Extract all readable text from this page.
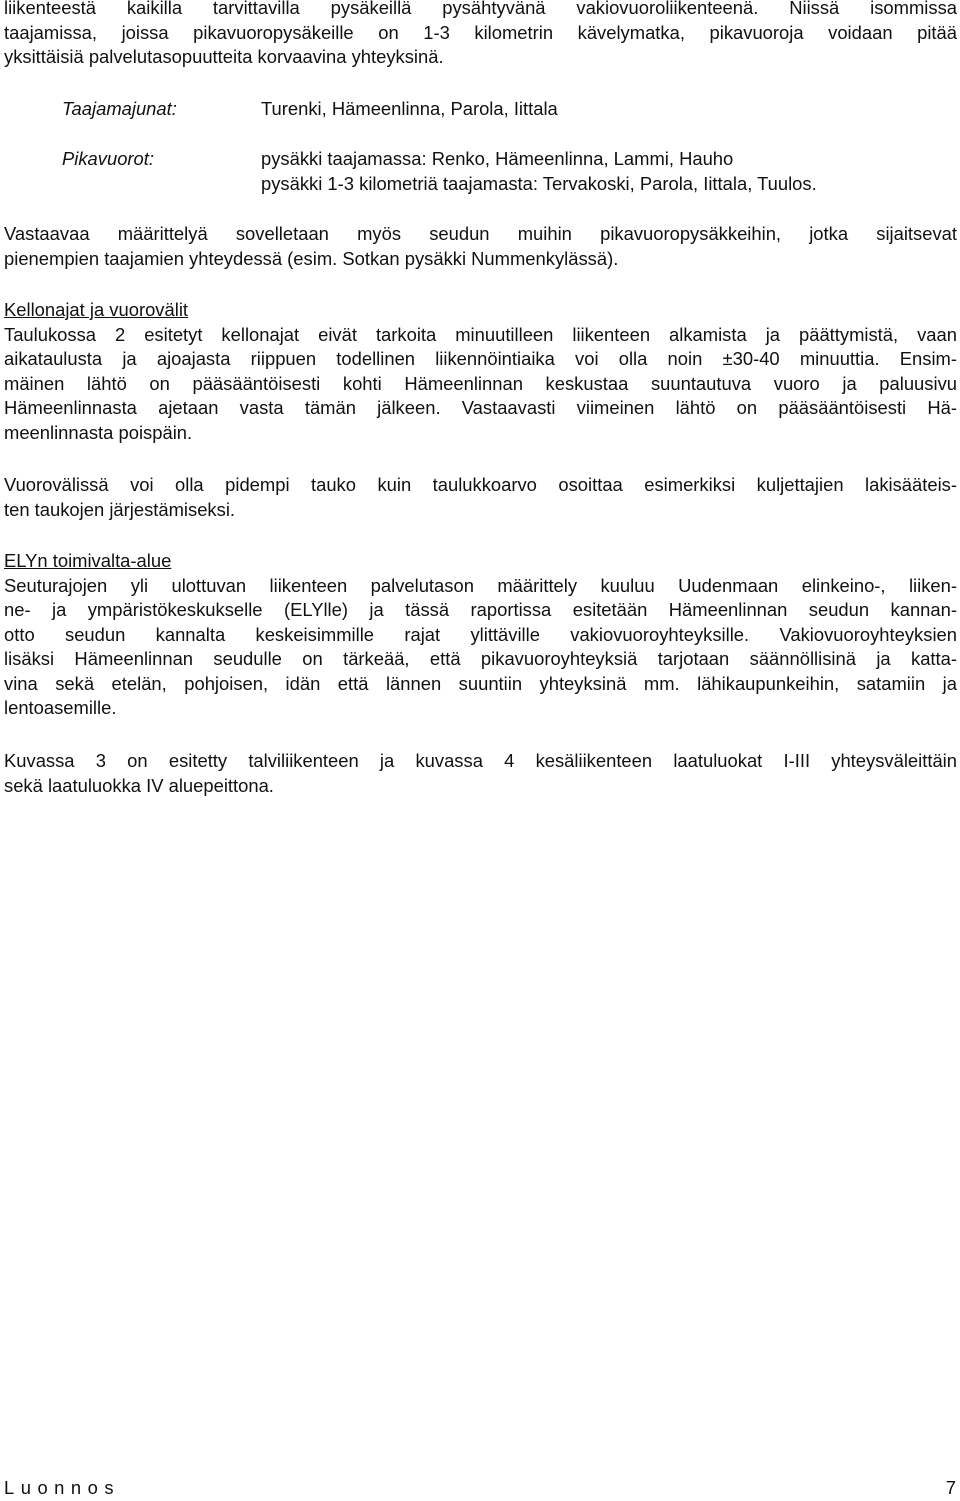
liikenteestä kaikilla tarvittavilla pysäkeillä pysähtyvänä vakiovuoroliikenteenä. Niissä isommissa
taajamissa, joissa pikavuoropysäkeille on 1-3 kilometrin kävelymatka, pikavuoroja voidaan pitää
yksittäisiä palvelutasopuutteita korvaavina yhteyksinä.
Taajamajunat:	Turenki, Hämeenlinna, Parola, Iittala
Pikavuorot:	pysäkki taajamassa: Renko, Hämeenlinna, Lammi, Hauho
pysäkki 1-3 kilometriä taajamasta: Tervakoski, Parola, Iittala, Tuulos.
Vastaavaa määrittelyä sovelletaan myös seudun muihin pikavuoropysäkkeihin, jotka sijaitsevat
pienempien taajamien yhteydessä (esim. Sotkan pysäkki Nummenkylässä).
Kellonajat ja vuorovälit
Taulukossa 2 esitetyt kellonajat eivät tarkoita minuutilleen liikenteen alkamista ja päättymistä, vaan
aikataulusta ja ajoajasta riippuen todellinen liikennöintiaika voi olla noin ±30-40 minuuttia. Ensim-
mäinen lähtö on pääsääntöisesti kohti Hämeenlinnan keskustaa suuntautuva vuoro ja paluusivu
Hämeenlinnasta ajetaan vasta tämän jälkeen. Vastaavasti viimeinen lähtö on pääsääntöisesti Hä-
meenlinnasta poispäin.
Vuorovälissä voi olla pidempi tauko kuin taulukkoarvo osoittaa esimerkiksi kuljettajien lakisääteis-
ten taukojen järjestämiseksi.
ELYn toimivalta-alue
Seuturajojen yli ulottuvan liikenteen palvelutason määrittely kuuluu Uudenmaan elinkeino-, liiken-
ne- ja ympäristökeskukselle (ELYlle) ja tässä raportissa esitetään Hämeenlinnan seudun kannan-
otto seudun kannalta keskeisimmille rajat ylittäville vakiovuoroyhteyksille. Vakiovuoroyhteyksien
lisäksi Hämeenlinnan seudulle on tärkeää, että pikavuoroyhteyksiä tarjotaan säännöllisinä ja katta-
vina sekä etelän, pohjoisen, idän että lännen suuntiin yhteyksinä mm. lähikaupunkeihin, satamiin ja
lentoasemille.
Kuvassa 3 on esitetty talviliikenteen ja kuvassa 4 kesäliikenteen laatuluokat I-III yhteysväleittäin
sekä laatuluokka IV aluepeittona.
Luonnos	7
